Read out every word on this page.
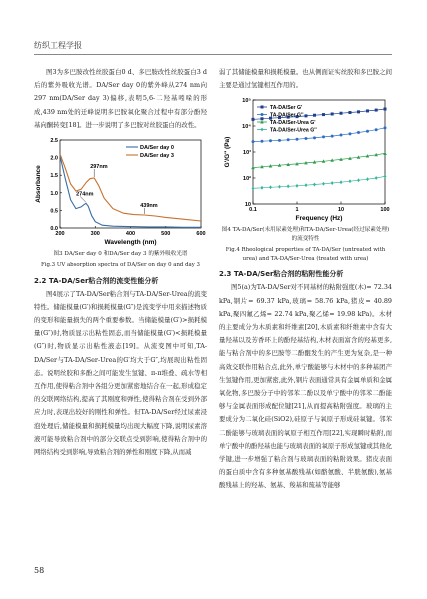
纺织工程学报

图3为多巴胺改性丝胶蛋白0 d、多巴胺改性丝胶蛋白3 d后的紫外吸收光谱。DA/Ser day 0的紫外峰从274 nm向297 nm(DA/Ser day 3)偏移,表明5,6-二羟基吲哚的形成,439 nm处的迁峰说明多巴胺氧化聚合过程中有部分酚羟基向酮转变[18]。进一步说明了多巴胺对丝胶蛋白的改性。

200	300	400	500	600
0.0
0.5
1.0
1.5
2.0
2.5
Wavelength (nm)
Absorbance
DA/Ser day 0
DA/Ser day 3
297nm
274nm
439nm
图3 DA/Ser day 0 和DA/Ser day 3 的紫外吸收光谱
Fig.3 UV absorption spectra of DA/Ser on day 0 and day 3
2.2 TA-DA/Ser粘合剂的流变性能分析

图4展示了TA-DA/Ser粘合剂与TA-DA/Ser-Urea的流变特性。储能模量(G′)和损耗模量(G″)是流变学中用来描述物质的变形和能量损失的两个重要参数。当储能模量(G′)>损耗模量(G″)时,物质显示出粘性固态,而当储能模量(G′)<损耗模量(G″)时,物质显示出粘性液态[19]。从流变图中可知,TA-DA/Ser与TA-DA/Ser-Urea的G′均大于G″,均展现出粘性固态。说明丝胶和多酚之间可能发生氢键、π-π堆叠、疏水等相互作用,使得粘合剂中各组分更加紧密地结合在一起,形成稳定的交联网络结构,提高了其刚度和弹性,使得粘合剂在受到外部应力时,表现出较好的刚性和弹性。但TA-DA/Ser经过尿素浸泡处理后,储能模量和损耗模量均出现大幅度下降,说明尿素溶液可能导致粘合剂中的部分交联点受到影响,使得粘合剂中的网络结构受到影响,导致粘合剂的弹性和刚度下降,从而减

弱了其储能模量和损耗模量。也从侧面证实丝胶和多巴胺之间主要是通过氢键相互作用的。

0.1	1	10	100
10
10²
10³
10⁴
10⁵
Frequency (Hz)
G'/G'' (Pa)
TA-DA/Ser G'
TA-DA/Ser G''
TA-DA/Ser-Urea G'
TA-DA/Ser-Urea G''
图4 TA-DA/Ser(未用尿素处理)和TA-DA/Ser-Urea(经过尿素处理)的流变特性
Fig.4 Rheological properties of TA-DA/Ser (untreated with urea) and TA-DA/Ser-Urea (treated with urea)
2.3 TA-DA/Ser粘合剂的粘附性能分析

图5(a)为TA-DA/Ser对不同基材的粘附强度(木)= 72.34 kPa,钢片= 69.37 kPa,玻璃= 58.76 kPa,猪皮= 40.89 kPa,聚四氟乙烯= 22.74 kPa,聚乙烯= 19.98 kPa)。木材的主要成分为木质素和纤维素[20],木质素和纤维素中含有大量羟基以及芳香环上的酚羟基结构,木材表面富含的羟基更多,能与粘合剂中的多巴胺等二酚醌发生的产生更为复杂,是一种高效交联作用粘合点,此外,单宁酸能够与木材中的多种基团产生氢键作用,更加紧密,此外,钢片表面通常具有金属单质和金属氧化物,多巴胺分子中的邻苯二酚以及单宁酸中的邻苯二酚能够与金属表面形成配位键[21],从而提高粘附强度。玻璃的主要成分为二氧化硅(SiO2),硅原子与氧原子形成硅氧键。邻苯二酚能够与玻璃表面的氧原子相互作用[22],实现瞬时粘附,而单宁酸中的酚羟基也能与玻璃表面的氧原子形成氢键或其他化学键,进一步增强了粘合剂与玻璃表面的粘附效果。猪皮表面的蛋白质中含有多种氨基酸残基(如酪氨酸、半胱氨酸),氨基酸残基上的羟基、氨基、羧基和巯基等能够

58
